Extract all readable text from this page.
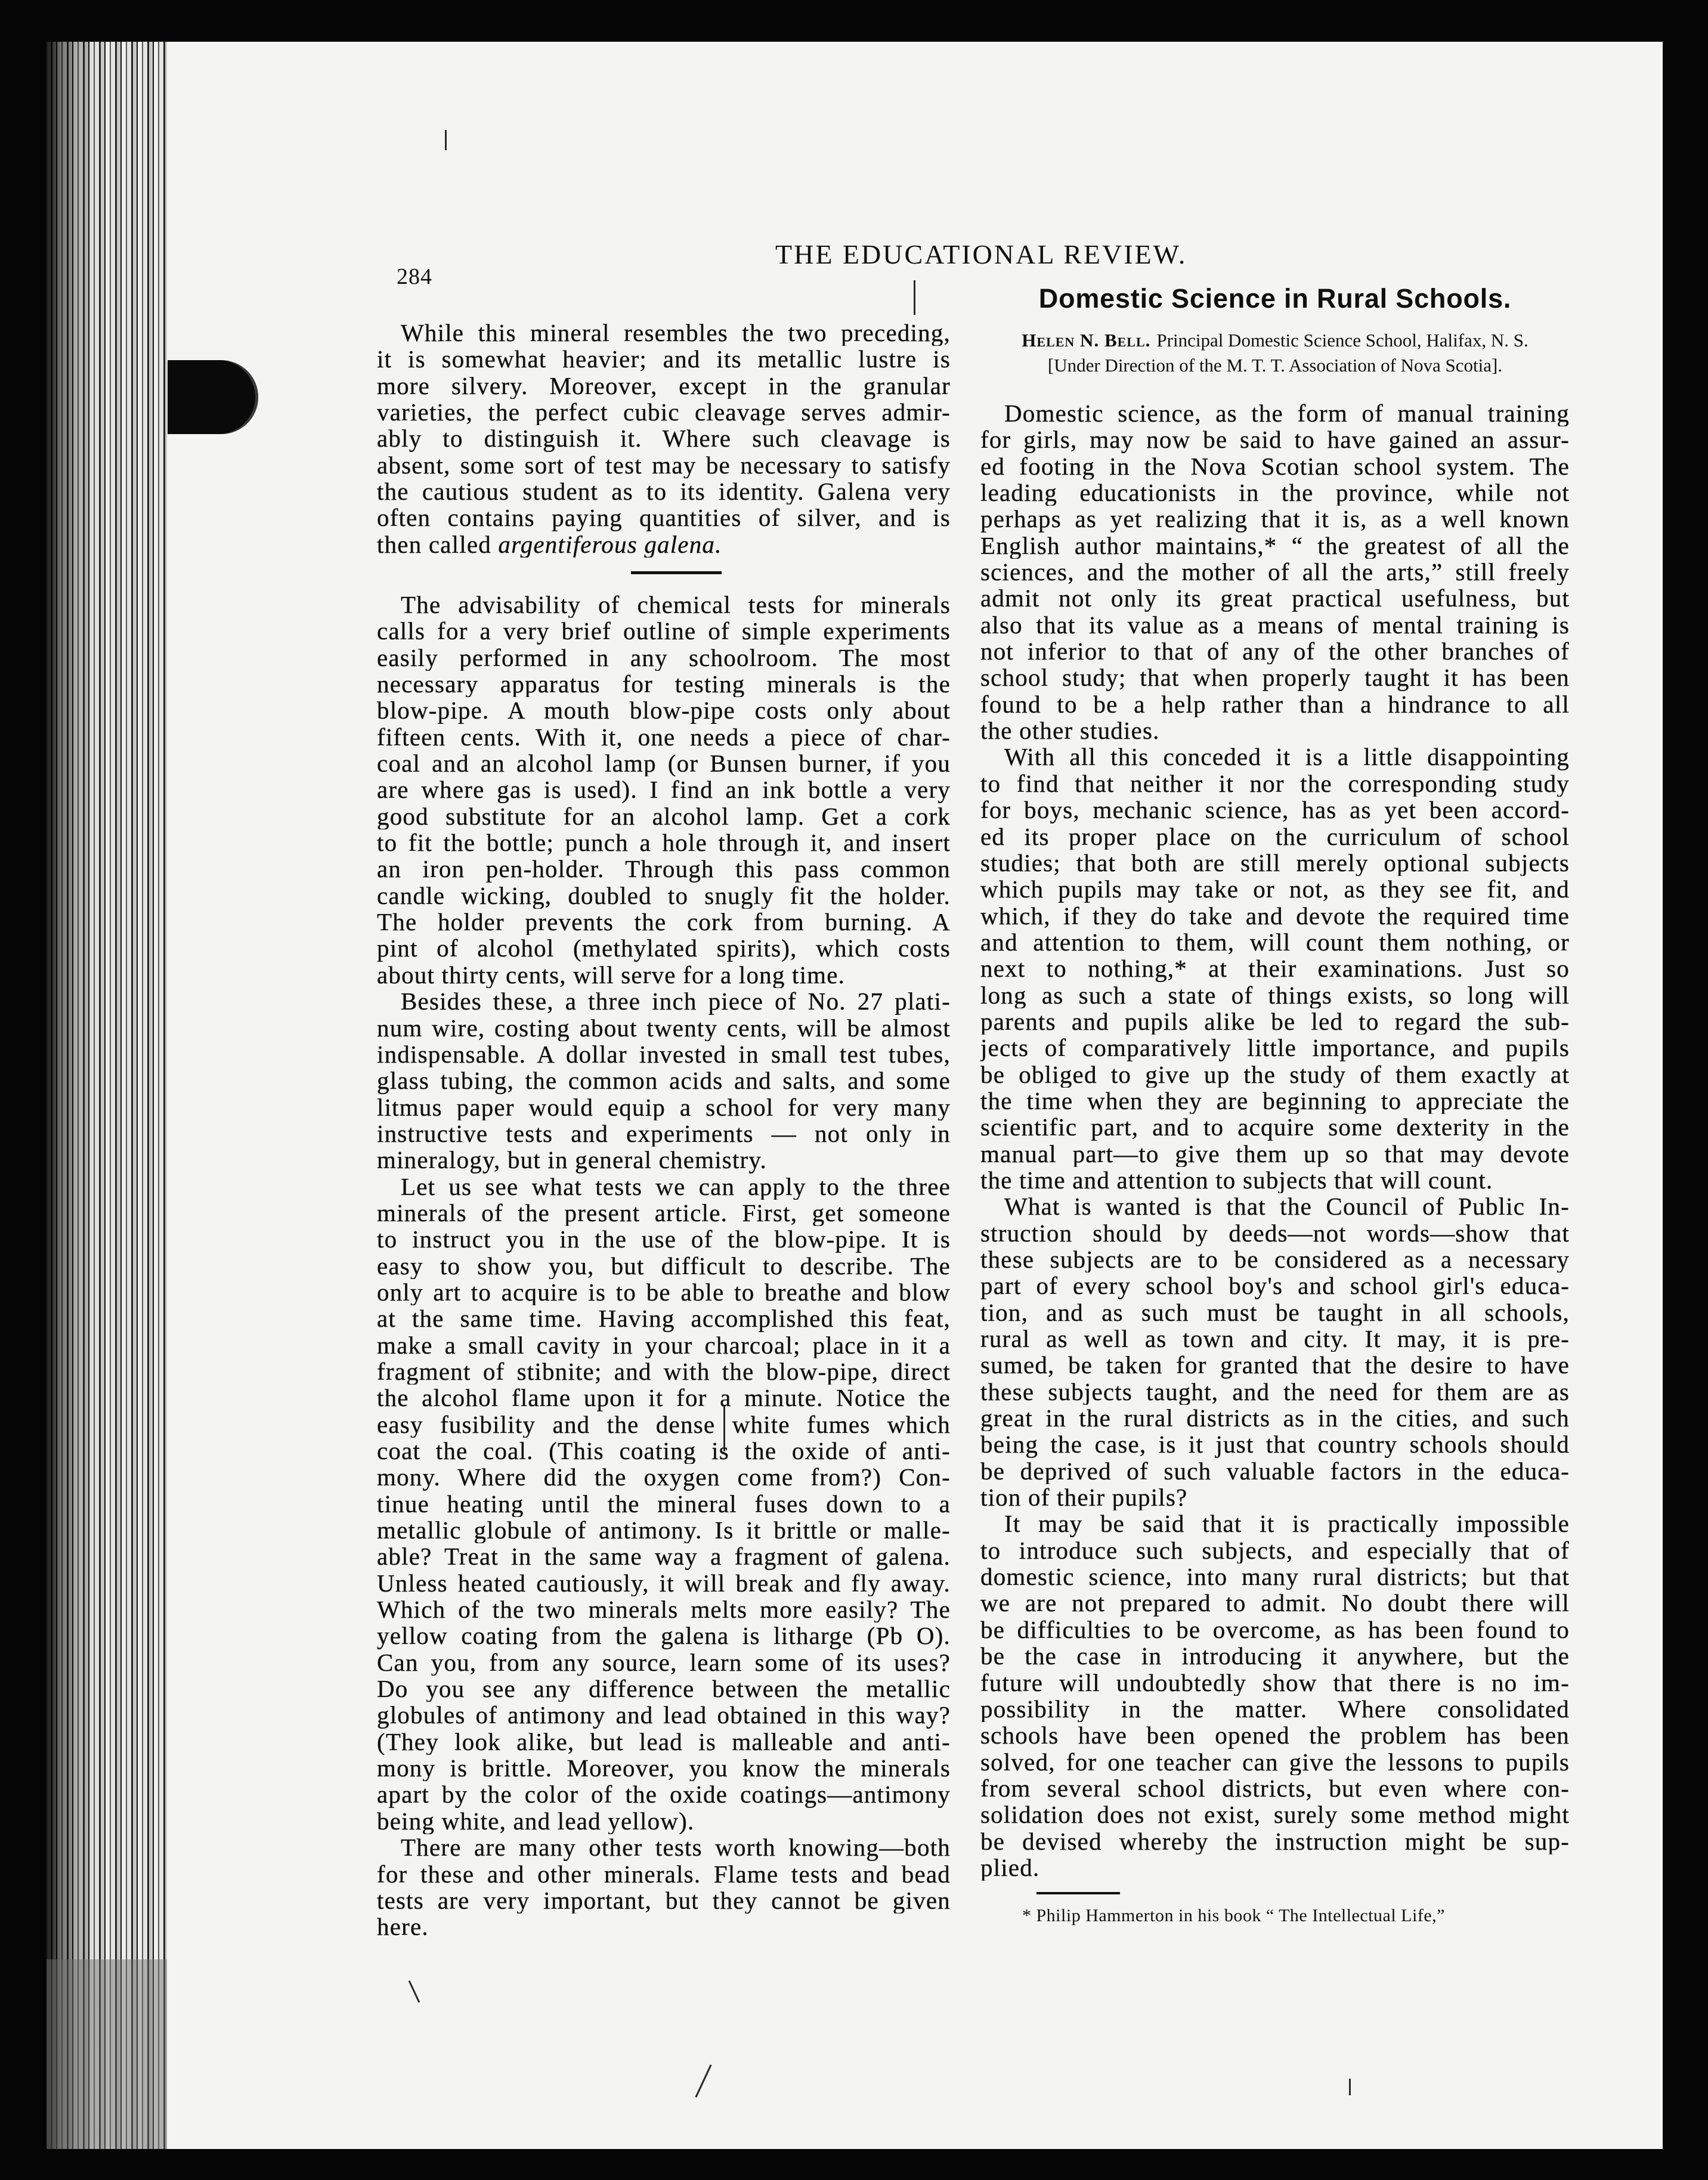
284
THE EDUCATIONAL REVIEW.
While this mineral resembles the two preceding,
it is somewhat heavier; and its metallic lustre is
more silvery. Moreover, except in the granular
varieties, the perfect cubic cleavage serves admir-
ably to distinguish it. Where such cleavage is
absent, some sort of test may be necessary to satisfy
the cautious student as to its identity. Galena very
often contains paying quantities of silver, and is
then called argentiferous galena.
The advisability of chemical tests for minerals
calls for a very brief outline of simple experiments
easily performed in any schoolroom. The most
necessary apparatus for testing minerals is the
blow-pipe. A mouth blow-pipe costs only about
fifteen cents. With it, one needs a piece of char-
coal and an alcohol lamp (or Bunsen burner, if you
are where gas is used). I find an ink bottle a very
good substitute for an alcohol lamp. Get a cork
to fit the bottle; punch a hole through it, and insert
an iron pen-holder. Through this pass common
candle wicking, doubled to snugly fit the holder.
The holder prevents the cork from burning. A
pint of alcohol (methylated spirits), which costs
about thirty cents, will serve for a long time.
Besides these, a three inch piece of No. 27 plati-
num wire, costing about twenty cents, will be almost
indispensable. A dollar invested in small test tubes,
glass tubing, the common acids and salts, and some
litmus paper would equip a school for very many
instructive tests and experiments — not only in
mineralogy, but in general chemistry.
Let us see what tests we can apply to the three
minerals of the present article. First, get someone
to instruct you in the use of the blow-pipe. It is
easy to show you, but difficult to describe. The
only art to acquire is to be able to breathe and blow
at the same time. Having accomplished this feat,
make a small cavity in your charcoal; place in it a
fragment of stibnite; and with the blow-pipe, direct
the alcohol flame upon it for a minute. Notice the
easy fusibility and the dense white fumes which
coat the coal. (This coating is the oxide of anti-
mony. Where did the oxygen come from?) Con-
tinue heating until the mineral fuses down to a
metallic globule of antimony. Is it brittle or malle-
able? Treat in the same way a fragment of galena.
Unless heated cautiously, it will break and fly away.
Which of the two minerals melts more easily? The
yellow coating from the galena is litharge (Pb O).
Can you, from any source, learn some of its uses?
Do you see any difference between the metallic
globules of antimony and lead obtained in this way?
(They look alike, but lead is malleable and anti-
mony is brittle. Moreover, you know the minerals
apart by the color of the oxide coatings—antimony
being white, and lead yellow).
There are many other tests worth knowing—both
for these and other minerals. Flame tests and bead
tests are very important, but they cannot be given
here.
Domestic Science in Rural Schools.
Helen N. Bell. Principal Domestic Science School, Halifax, N. S.
[Under Direction of the M. T. T. Association of Nova Scotia].
Domestic science, as the form of manual training
for girls, may now be said to have gained an assur-
ed footing in the Nova Scotian school system. The
leading educationists in the province, while not
perhaps as yet realizing that it is, as a well known
English author maintains,* “ the greatest of all the
sciences, and the mother of all the arts,” still freely
admit not only its great practical usefulness, but
also that its value as a means of mental training is
not inferior to that of any of the other branches of
school study; that when properly taught it has been
found to be a help rather than a hindrance to all
the other studies.
With all this conceded it is a little disappointing
to find that neither it nor the corresponding study
for boys, mechanic science, has as yet been accord-
ed its proper place on the curriculum of school
studies; that both are still merely optional subjects
which pupils may take or not, as they see fit, and
which, if they do take and devote the required time
and attention to them, will count them nothing, or
next to nothing,* at their examinations. Just so
long as such a state of things exists, so long will
parents and pupils alike be led to regard the sub-
jects of comparatively little importance, and pupils
be obliged to give up the study of them exactly at
the time when they are beginning to appreciate the
scientific part, and to acquire some dexterity in the
manual part—to give them up so that may devote
the time and attention to subjects that will count.
What is wanted is that the Council of Public In-
struction should by deeds—not words—show that
these subjects are to be considered as a necessary
part of every school boy's and school girl's educa-
tion, and as such must be taught in all schools,
rural as well as town and city. It may, it is pre-
sumed, be taken for granted that the desire to have
these subjects taught, and the need for them are as
great in the rural districts as in the cities, and such
being the case, is it just that country schools should
be deprived of such valuable factors in the educa-
tion of their pupils?
It may be said that it is practically impossible
to introduce such subjects, and especially that of
domestic science, into many rural districts; but that
we are not prepared to admit. No doubt there will
be difficulties to be overcome, as has been found to
be the case in introducing it anywhere, but the
future will undoubtedly show that there is no im-
possibility in the matter. Where consolidated
schools have been opened the problem has been
solved, for one teacher can give the lessons to pupils
from several school districts, but even where con-
solidation does not exist, surely some method might
be devised whereby the instruction might be sup-
plied.
* Philip Hammerton in his book “ The Intellectual Life,”
